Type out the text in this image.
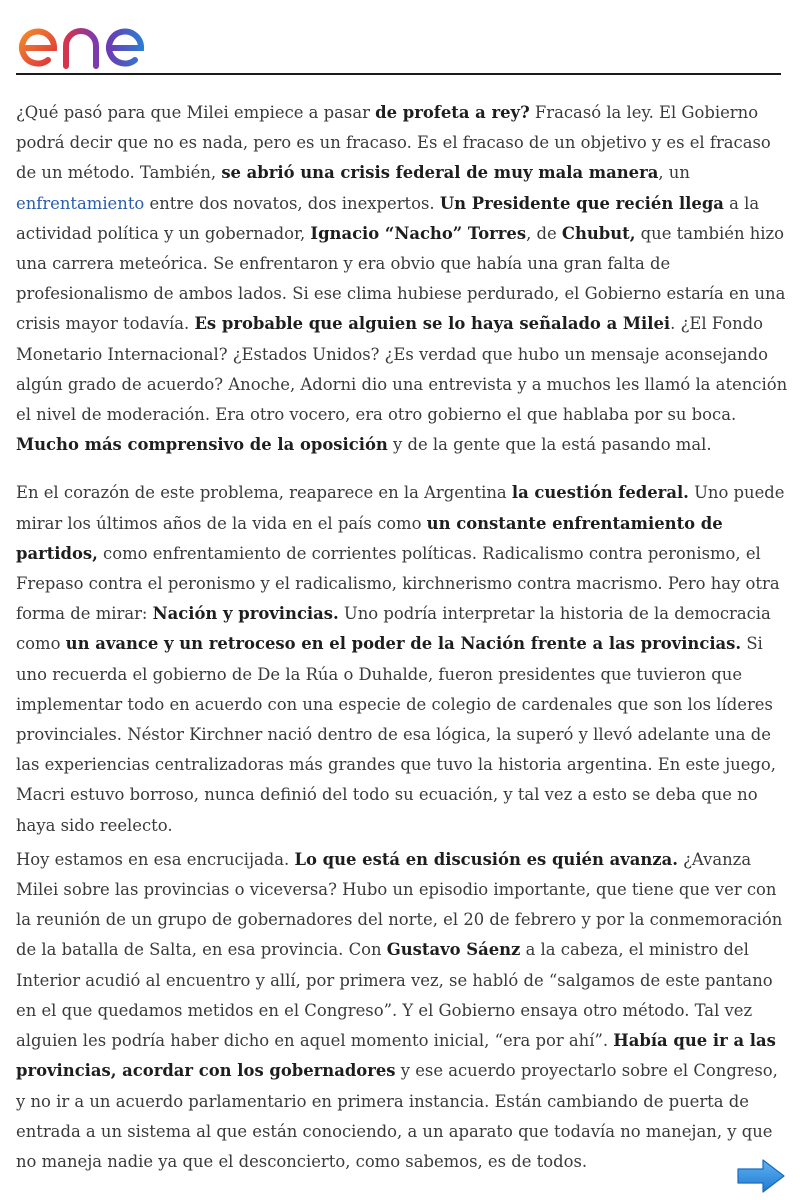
¿Qué pasó para que Milei empiece a pasar de profeta a rey? Fracasó la ley. El Gobierno podrá decir que no es nada, pero es un fracaso. Es el fracaso de un objetivo y es el fracaso de un método. También, se abrió una crisis federal de muy mala manera, un enfrentamiento entre dos novatos, dos inexpertos. Un Presidente que recién llega a la actividad política y un gobernador, Ignacio “Nacho” Torres, de Chubut, que también hizo una carrera meteórica. Se enfrentaron y era obvio que había una gran falta de profesionalismo de ambos lados. Si ese clima hubiese perdurado, el Gobierno estaría en una crisis mayor todavía. Es probable que alguien se lo haya señalado a Milei. ¿El Fondo Monetario Internacional? ¿Estados Unidos? ¿Es verdad que hubo un mensaje aconsejando algún grado de acuerdo? Anoche, Adorni dio una entrevista y a muchos les llamó la atención el nivel de moderación. Era otro vocero, era otro gobierno el que hablaba por su boca. Mucho más comprensivo de la oposición y de la gente que la está pasando mal.

En el corazón de este problema, reaparece en la Argentina la cuestión federal. Uno puede mirar los últimos años de la vida en el país como un constante enfrentamiento de partidos, como enfrentamiento de corrientes políticas. Radicalismo contra peronismo, el Frepaso contra el peronismo y el radicalismo, kirchnerismo contra macrismo. Pero hay otra forma de mirar: Nación y provincias. Uno podría interpretar la historia de la democracia como un avance y un retroceso en el poder de la Nación frente a las provincias. Si uno recuerda el gobierno de De la Rúa o Duhalde, fueron presidentes que tuvieron que implementar todo en acuerdo con una especie de colegio de cardenales que son los líderes provinciales. Néstor Kirchner nació dentro de esa lógica, la superó y llevó adelante una de las experiencias centralizadoras más grandes que tuvo la historia argentina. En este juego, Macri estuvo borroso, nunca definió del todo su ecuación, y tal vez a esto se deba que no haya sido reelecto.

Hoy estamos en esa encrucijada. Lo que está en discusión es quién avanza. ¿Avanza Milei sobre las provincias o viceversa? Hubo un episodio importante, que tiene que ver con la reunión de un grupo de gobernadores del norte, el 20 de febrero y por la conmemoración de la batalla de Salta, en esa provincia. Con Gustavo Sáenz a la cabeza, el ministro del Interior acudió al encuentro y allí, por primera vez, se habló de “salgamos de este pantano en el que quedamos metidos en el Congreso”. Y el Gobierno ensaya otro método. Tal vez alguien les podría haber dicho en aquel momento inicial, “era por ahí”. Había que ir a las provincias, acordar con los gobernadores y ese acuerdo proyectarlo sobre el Congreso, y no ir a un acuerdo parlamentario en primera instancia. Están cambiando de puerta de entrada a un sistema al que están conociendo, a un aparato que todavía no manejan, y que no maneja nadie ya que el desconcierto, como sabemos, es de todos.
